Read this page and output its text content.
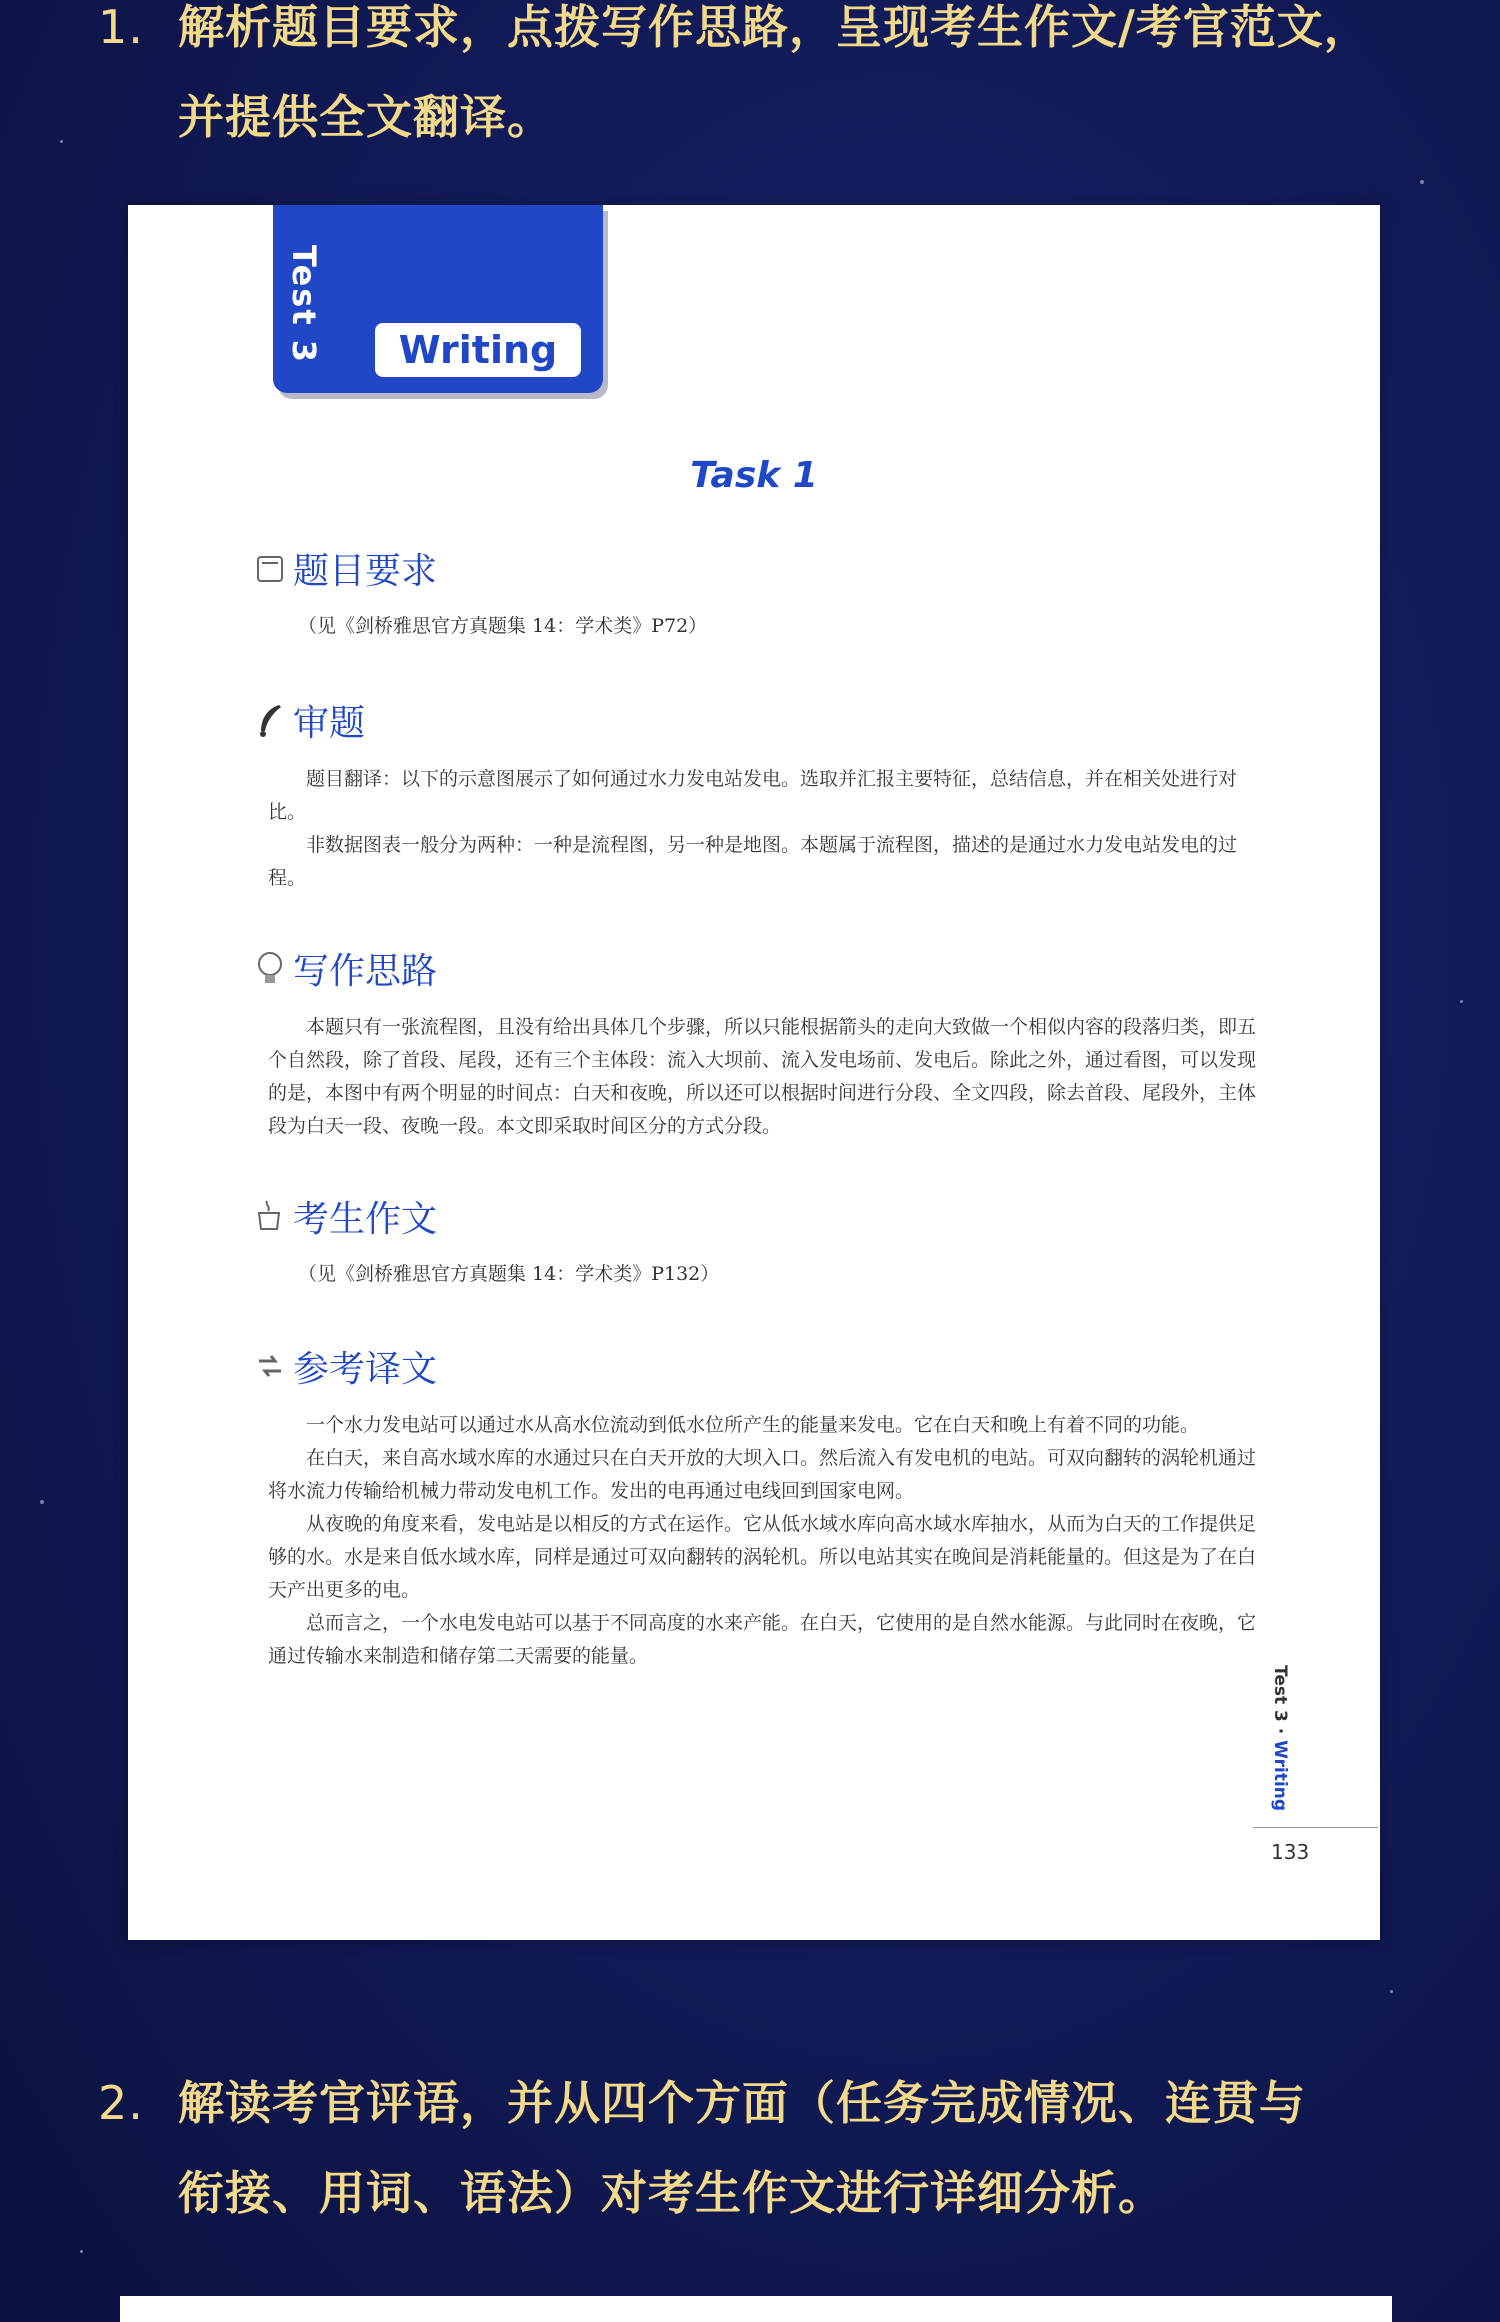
1. 解析题目要求，点拨写作思路，呈现考生作文/考官范文，
并提供全文翻译。
Test 3	Writing
Task 1
题目要求
（见《剑桥雅思官方真题集 14：学术类》P72）
审题

题目翻译：以下的示意图展示了如何通过水力发电站发电。选取并汇报主要特征，总结信息，并在相关处进行对比。

非数据图表一般分为两种：一种是流程图，另一种是地图。本题属于流程图，描述的是通过水力发电站发电的过程。

写作思路

本题只有一张流程图，且没有给出具体几个步骤，所以只能根据箭头的走向大致做一个相似内容的段落归类，即五个自然段，除了首段、尾段，还有三个主体段：流入大坝前、流入发电场前、发电后。除此之外，通过看图，可以发现的是，本图中有两个明显的时间点：白天和夜晚，所以还可以根据时间进行分段、全文四段，除去首段、尾段外，主体段为白天一段、夜晚一段。本文即采取时间区分的方式分段。

考生作文
（见《剑桥雅思官方真题集 14：学术类》P132）
参考译文

一个水力发电站可以通过水从高水位流动到低水位所产生的能量来发电。它在白天和晚上有着不同的功能。

在白天，来自高水域水库的水通过只在白天开放的大坝入口。然后流入有发电机的电站。可双向翻转的涡轮机通过将水流力传输给机械力带动发电机工作。发出的电再通过电线回到国家电网。

从夜晚的角度来看，发电站是以相反的方式在运作。它从低水域水库向高水域水库抽水，从而为白天的工作提供足够的水。水是来自低水域水库，同样是通过可双向翻转的涡轮机。所以电站其实在晚间是消耗能量的。但这是为了在白天产出更多的电。

总而言之，一个水电发电站可以基于不同高度的水来产能。在白天，它使用的是自然水能源。与此同时在夜晚，它通过传输水来制造和储存第二天需要的能量。

Test 3 · Writing
133
2. 解读考官评语，并从四个方面（任务完成情况、连贯与
衔接、用词、语法）对考生作文进行详细分析。
